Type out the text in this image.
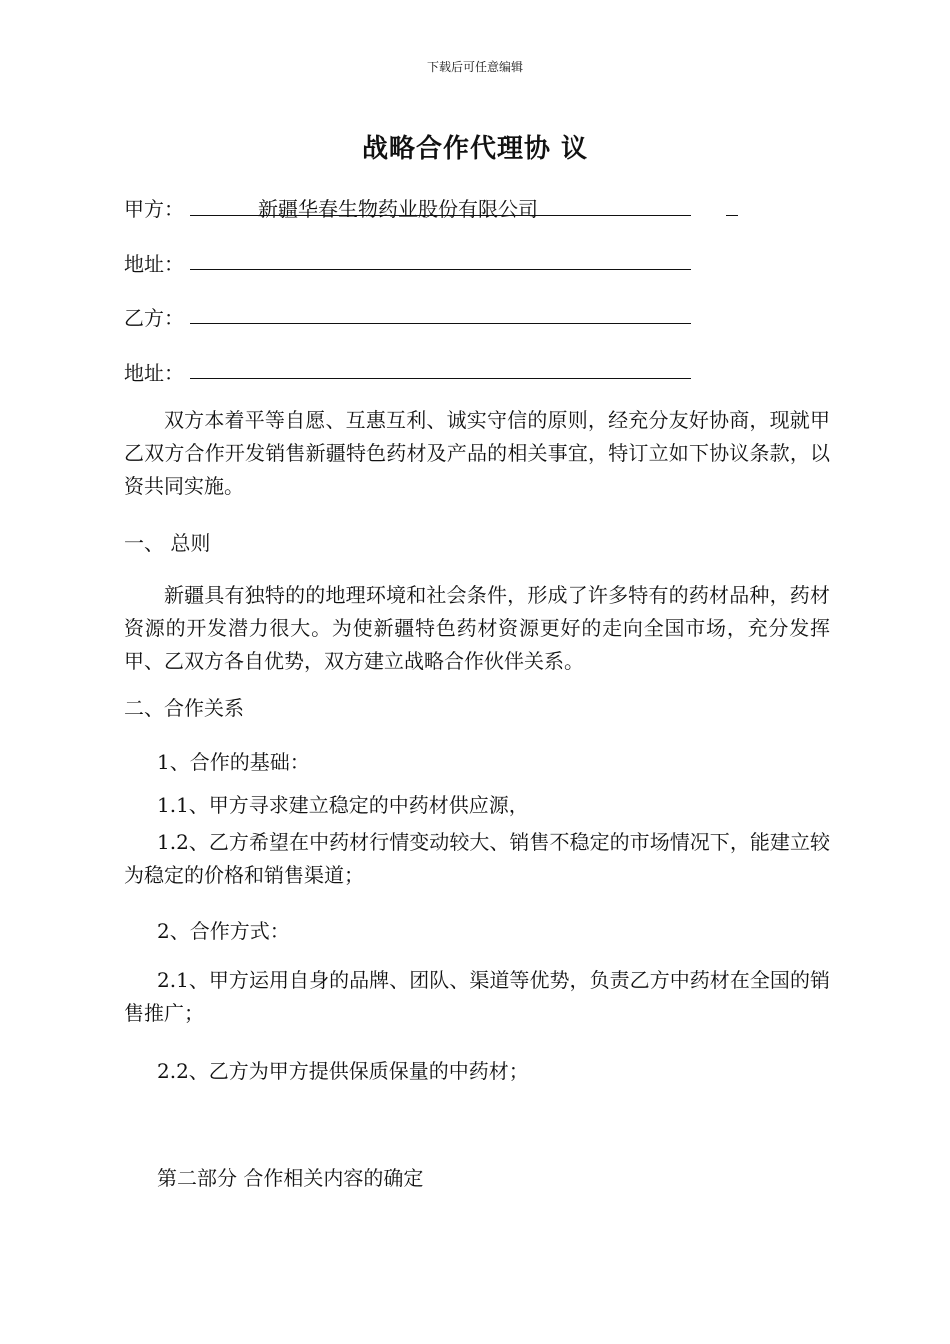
下载后可任意编辑
战略合作代理协 议
甲方：	新疆华春生物药业股份有限公司
地址：
乙方：
地址：

双方本着平等自愿、互惠互利、诚实守信的原则，经充分友好协商，现就甲乙双方合作开发销售新疆特色药材及产品的相关事宜，特订立如下协议条款，以资共同实施。

一、 总则

新疆具有独特的的地理环境和社会条件，形成了许多特有的药材品种，药材资源的开发潜力很大。为使新疆特色药材资源更好的走向全国市场，充分发挥甲、乙双方各自优势，双方建立战略合作伙伴关系。

二、合作关系
1、合作的基础：
1.1、甲方寻求建立稳定的中药材供应源，

1.2、乙方希望在中药材行情变动较大、销售不稳定的市场情况下，能建立较为稳定的价格和销售渠道；

2、合作方式：

2.1、甲方运用自身的品牌、团队、渠道等优势，负责乙方中药材在全国的销售推广；

2.2、乙方为甲方提供保质保量的中药材；
第二部分 合作相关内容的确定
